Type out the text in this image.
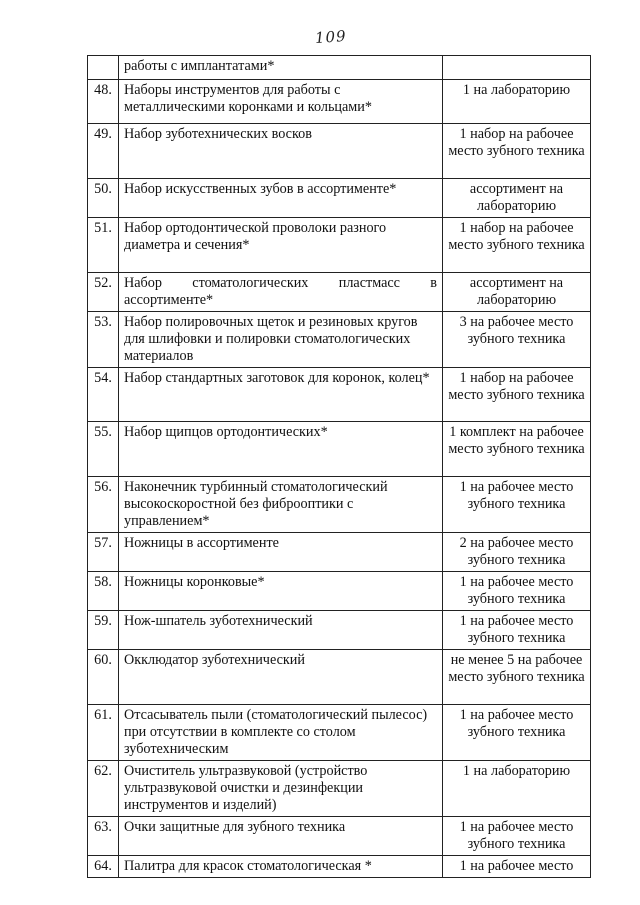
109
	работы с имплантатами*	
48.	Наборы инструментов для работы с металлическими коронками и кольцами*	1 на лабораторию
49.	Набор зуботехнических восков	1 набор на рабочее место зубного техника
50.	Набор искусственных зубов в ассортименте*	ассортимент на лабораторию
51.	Набор ортодонтической проволоки разного диаметра и сечения*	1 набор на рабочее место зубного техника
52.	Набор стоматологических пластмасс в ассортименте*	ассортимент на лабораторию
53.	Набор полировочных щеток и резиновых кругов для шлифовки и полировки стоматологических материалов	3 на рабочее место зубного техника
54.	Набор стандартных заготовок для коронок, колец*	1 набор на рабочее место зубного техника
55.	Набор щипцов ортодонтических*	1 комплект на рабочее место зубного техника
56.	Наконечник турбинный стоматологический высокоскоростной без фиброоптики с управлением*	1 на рабочее место зубного техника
57.	Ножницы в ассортименте	2 на рабочее место зубного техника
58.	Ножницы коронковые*	1 на рабочее место зубного техника
59.	Нож-шпатель зуботехнический	1 на рабочее место зубного техника
60.	Окклюдатор зуботехнический	не менее 5 на рабочее место зубного техника
61.	Отсасыватель пыли (стоматологический пылесос) при отсутствии в комплекте со столом зуботехническим	1 на рабочее место зубного техника
62.	Очиститель ультразвуковой (устройство ультразвуковой очистки и дезинфекции инструментов и изделий)	1 на лабораторию
63.	Очки защитные для зубного техника	1 на рабочее место зубного техника
64.	Палитра для красок стоматологическая *	1 на рабочее место
